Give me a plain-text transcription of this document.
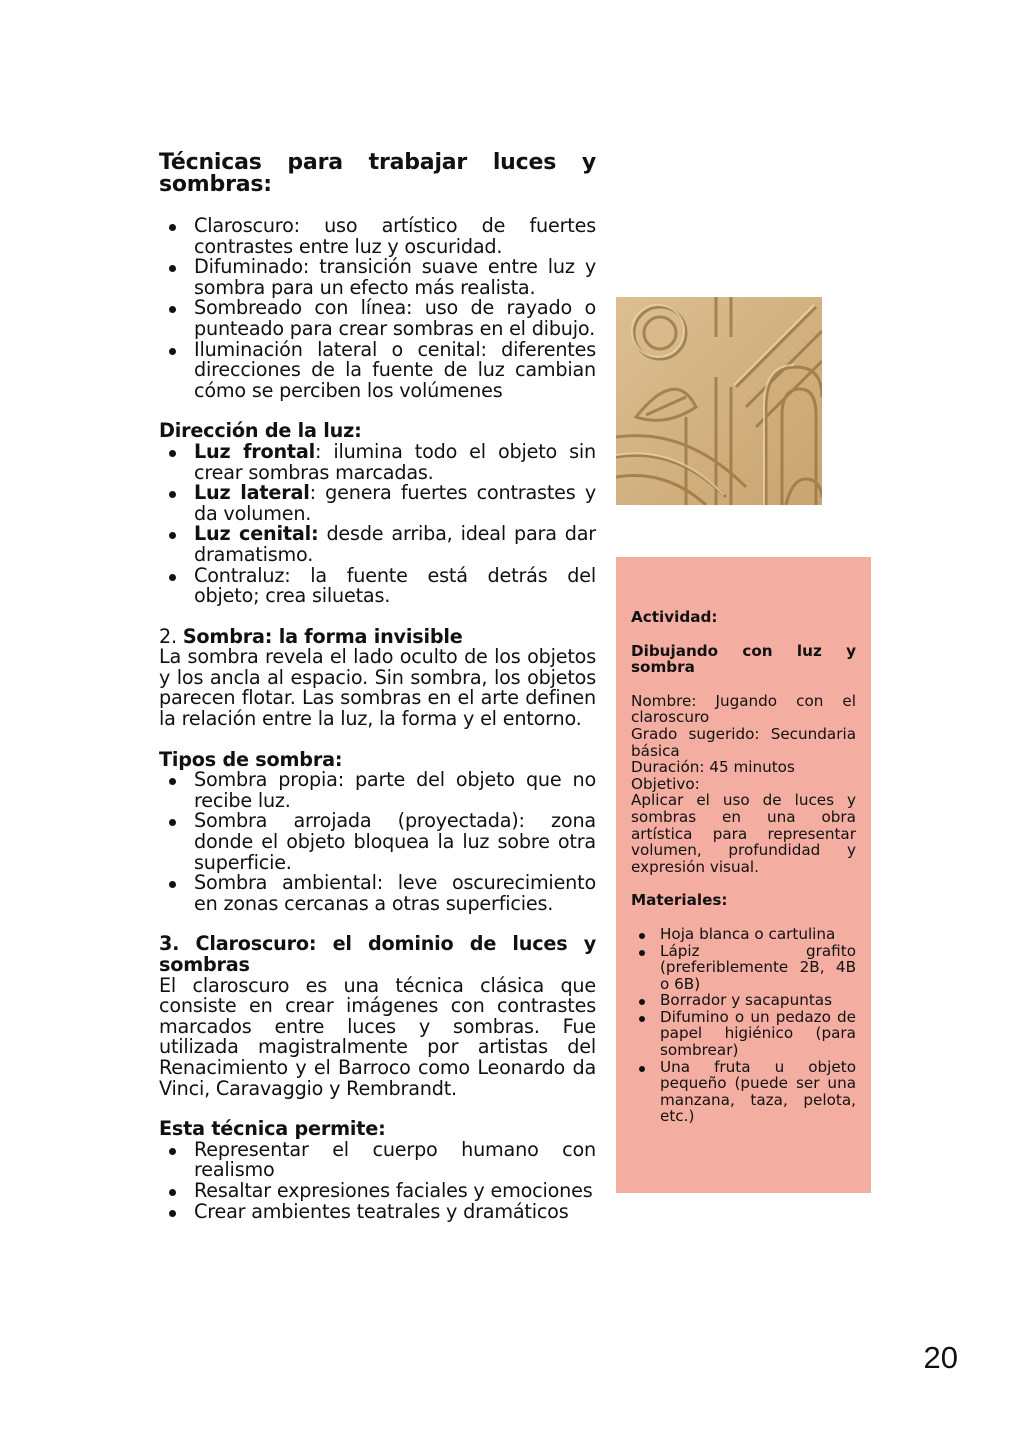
Técnicas para trabajar luces y sombras:
Claroscuro: uso artístico de fuertes contrastes entre luz y oscuridad.
Difuminado: transición suave entre luz y sombra para un efecto más realista.
Sombreado con línea: uso de rayado o punteado para crear sombras en el dibujo.
Iluminación lateral o cenital: diferentes direcciones de la fuente de luz cambian cómo se perciben los volúmenes

Dirección de la luz:

Luz frontal: ilumina todo el objeto sin crear sombras marcadas.
Luz lateral: genera fuertes contrastes y da volumen.
Luz cenital: desde arriba, ideal para dar dramatismo.
Contraluz: la fuente está detrás del objeto; crea siluetas.

2. Sombra: la forma invisible

La sombra revela el lado oculto de los objetos y los ancla al espacio. Sin sombra, los objetos parecen flotar. Las sombras en el arte definen la relación entre la luz, la forma y el entorno.

Tipos de sombra:

Sombra propia: parte del objeto que no recibe luz.
Sombra arrojada (proyectada): zona donde el objeto bloquea la luz sobre otra superficie.
Sombra ambiental: leve oscurecimiento en zonas cercanas a otras superficies.

3. Claroscuro: el dominio de luces y sombras

El claroscuro es una técnica clásica que consiste en crear imágenes con contrastes marcados entre luces y sombras. Fue utilizada magistralmente por artistas del Renacimiento y el Barroco como Leonardo da Vinci, Caravaggio y Rembrandt.

Esta técnica permite:

Representar el cuerpo humano con realismo
Resaltar expresiones faciales y emociones
Crear ambientes teatrales y dramáticos

Actividad:

Dibujando con luz y sombra

Nombre: Jugando con el claroscuro

Grado sugerido: Secundaria básica

Duración: 45 minutos

Objetivo:

Aplicar el uso de luces y sombras en una obra artística para representar volumen, profundidad y expresión visual.

Materiales:

Hoja blanca o cartulina
Lápiz grafito (preferiblemente 2B, 4B o 6B)
Borrador y sacapuntas
Difumino o un pedazo de papel higiénico (para sombrear)
Una fruta u objeto pequeño (puede ser una manzana, taza, pelota, etc.)
20
